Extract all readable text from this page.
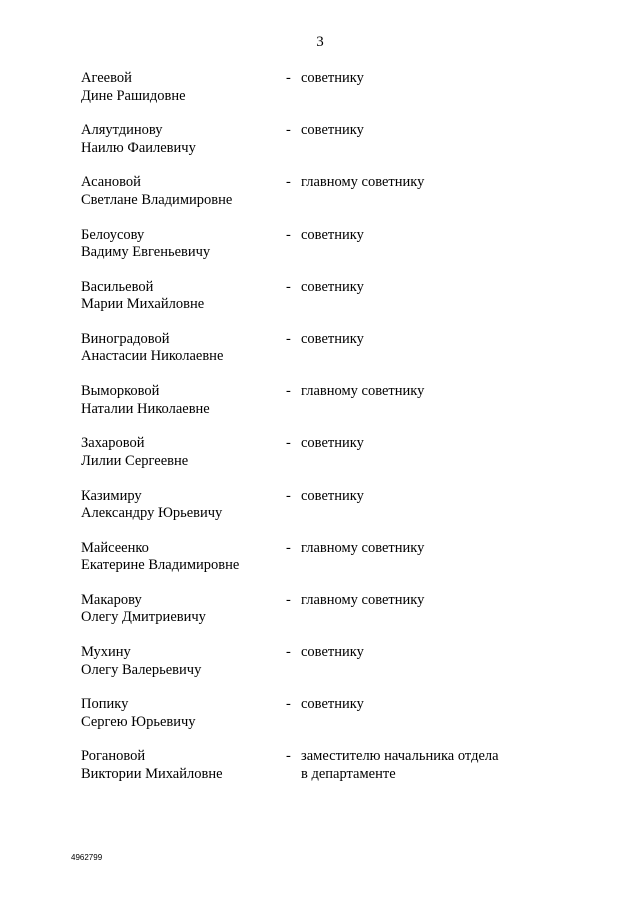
3
Агеевой
Дине Рашидовне
- советнику
Аляутдинову
Наилю Фаилевичу
- советнику
Асановой
Светлане Владимировне
- главному советнику
Белоусову
Вадиму Евгеньевичу
- советнику
Васильевой
Марии Михайловне
- советнику
Виноградовой
Анастасии Николаевне
- советнику
Выморковой
Наталии Николаевне
- главному советнику
Захаровой
Лилии Сергеевне
- советнику
Казимиру
Александру Юрьевичу
- советнику
Майсеенко
Екатерине Владимировне
- главному советнику
Макарову
Олегу Дмитриевичу
- главному советнику
Мухину
Олегу Валерьевичу
- советнику
Попику
Сергею Юрьевичу
- советнику
Рогановой
Виктории Михайловне
- заместителю начальника отдела
в департаменте
4962799
